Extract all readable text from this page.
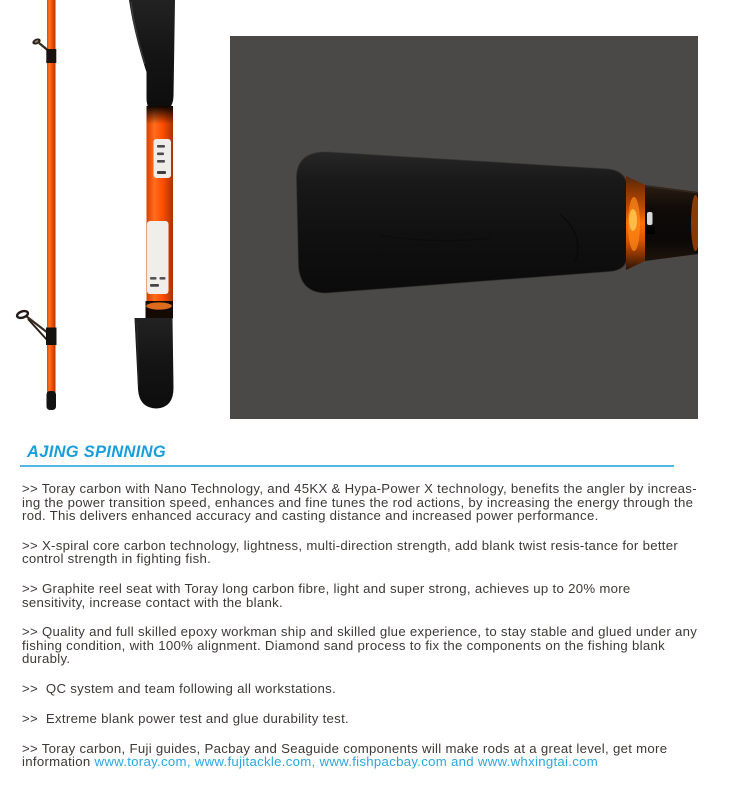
AJING SPINNING
>> Toray carbon with Nano Technology, and 45KX & Hypa-Power X technology, benefits the angler by increas-
ing the power transition speed, enhances and fine tunes the rod actions, by increasing the energy through the
rod. This delivers enhanced accuracy and casting distance and increased power performance.
>> X-spiral core carbon technology, lightness, multi-direction strength, add blank twist resis-tance for better
control strength in fighting fish.
>> Graphite reel seat with Toray long carbon fibre, light and super strong, achieves up to 20% more
sensitivity, increase contact with the blank.
>> Quality and full skilled epoxy workman ship and skilled glue experience, to stay stable and glued under any
fishing condition, with 100% alignment. Diamond sand process to fix the components on the fishing blank
durably.
>>  QC system and team following all workstations.
>>  Extreme blank power test and glue durability test.
>> Toray carbon, Fuji guides, Pacbay and Seaguide components will make rods at a great level, get more
information www.toray.com, www.fujitackle.com, www.fishpacbay.com and www.whxingtai.com
